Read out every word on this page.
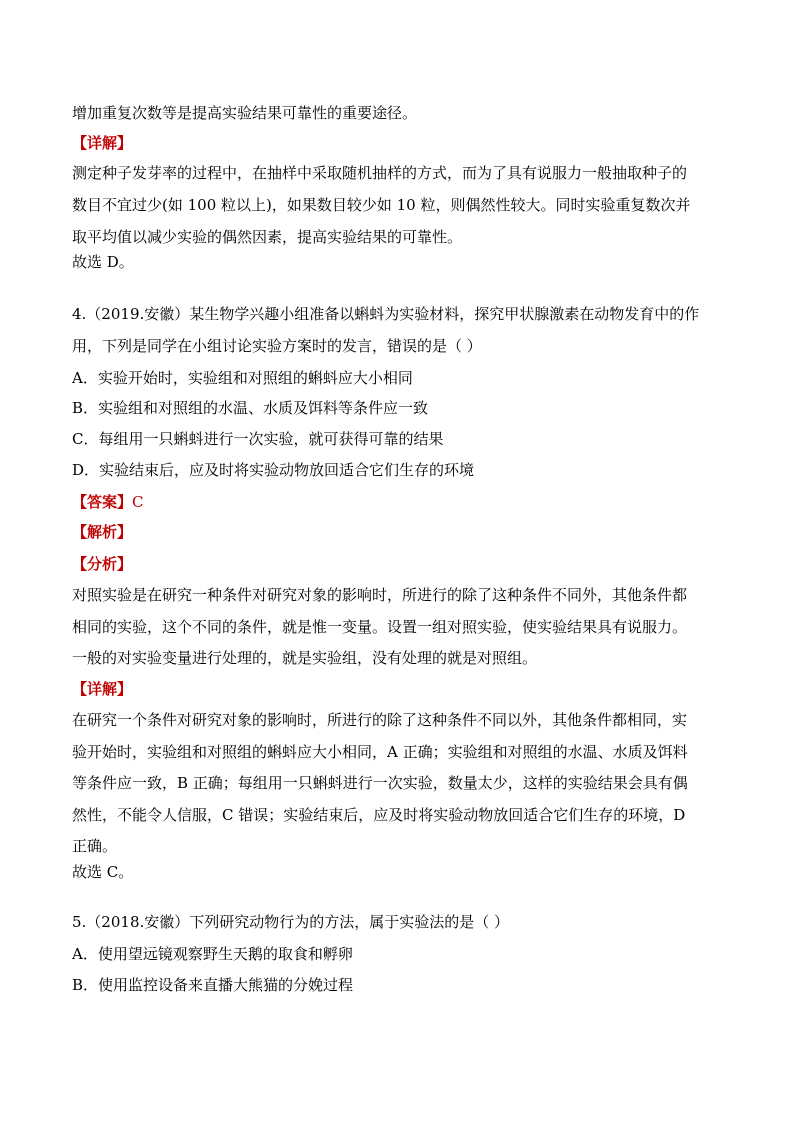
增加重复次数等是提高实验结果可靠性的重要途径。
【详解】
测定种子发芽率的过程中，在抽样中采取随机抽样的方式，而为了具有说服力一般抽取种子的
数目不宜过少(如 100 粒以上)，如果数目较少如 10 粒，则偶然性较大。同时实验重复数次并
取平均值以减少实验的偶然因素，提高实验结果的可靠性。
故选 D。
4.（2019.安徽）某生物学兴趣小组准备以蝌蚪为实验材料，探究甲状腺激素在动物发育中的作
用，下列是同学在小组讨论实验方案时的发言，错误的是（ ）
A．实验开始时，实验组和对照组的蝌蚪应大小相同
B．实验组和对照组的水温、水质及饵料等条件应一致
C．每组用一只蝌蚪进行一次实验，就可获得可靠的结果
D．实验结束后，应及时将实验动物放回适合它们生存的环境
【答案】C
【解析】
【分析】
对照实验是在研究一种条件对研究对象的影响时，所进行的除了这种条件不同外，其他条件都
相同的实验，这个不同的条件，就是惟一变量。设置一组对照实验，使实验结果具有说服力。
一般的对实验变量进行处理的，就是实验组，没有处理的就是对照组。
【详解】
在研究一个条件对研究对象的影响时，所进行的除了这种条件不同以外，其他条件都相同，实
验开始时，实验组和对照组的蝌蚪应大小相同，A 正确；实验组和对照组的水温、水质及饵料
等条件应一致，B 正确；每组用一只蝌蚪进行一次实验，数量太少，这样的实验结果会具有偶
然性，不能令人信服，C 错误；实验结束后，应及时将实验动物放回适合它们生存的环境，D
正确。
故选 C。
5.（2018.安徽）下列研究动物行为的方法，属于实验法的是（ ）
A．使用望远镜观察野生天鹅的取食和孵卵
B．使用监控设备来直播大熊猫的分娩过程
